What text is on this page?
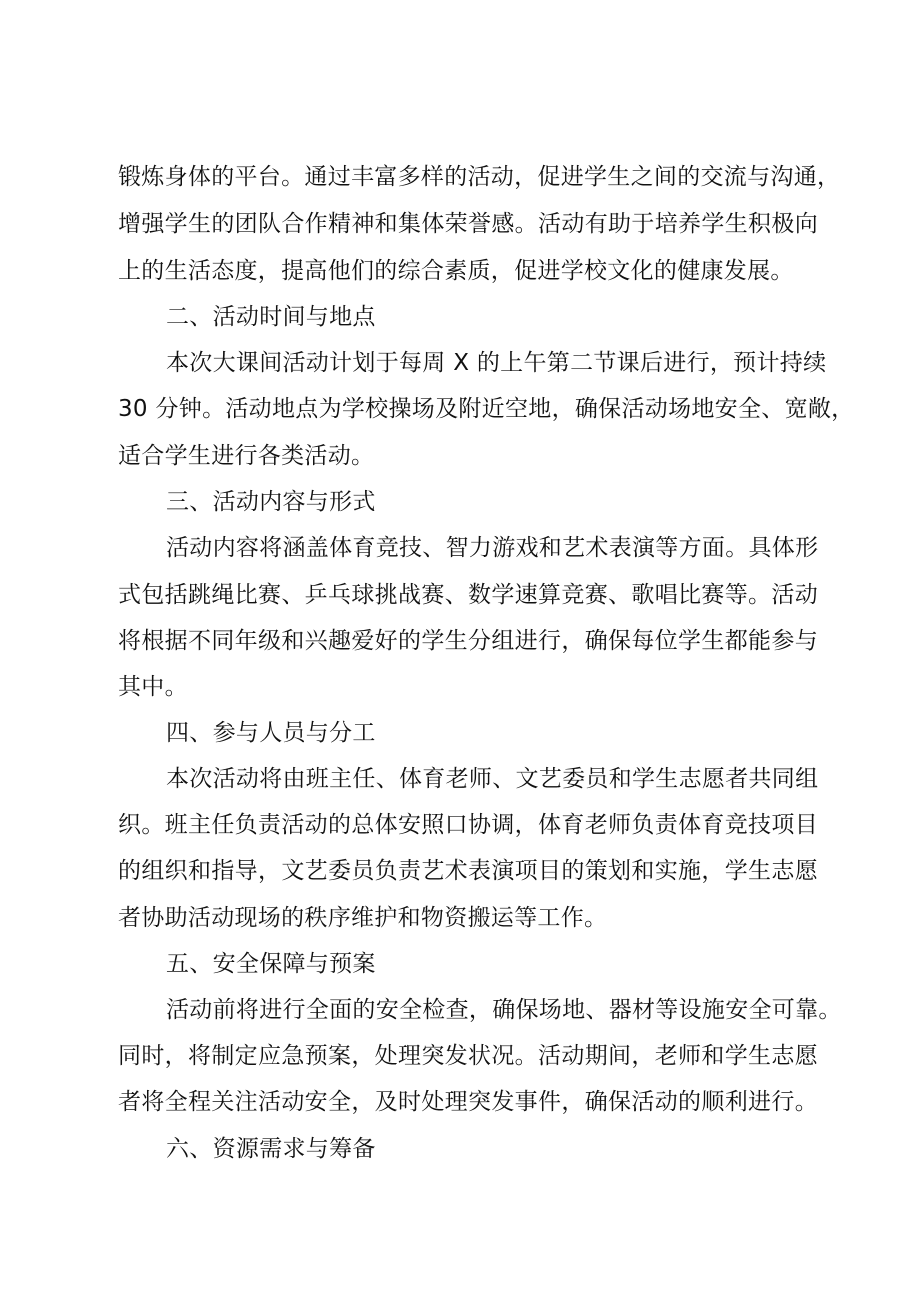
锻炼身体的平台。通过丰富多样的活动，促进学生之间的交流与沟通，
增强学生的团队合作精神和集体荣誉感。活动有助于培养学生积极向
上的生活态度，提高他们的综合素质，促进学校文化的健康发展。
二、活动时间与地点
本次大课间活动计划于每周 X 的上午第二节课后进行，预计持续
30 分钟。活动地点为学校操场及附近空地，确保活动场地安全、宽敞，
适合学生进行各类活动。
三、活动内容与形式
活动内容将涵盖体育竞技、智力游戏和艺术表演等方面。具体形
式包括跳绳比赛、乒乓球挑战赛、数学速算竞赛、歌唱比赛等。活动
将根据不同年级和兴趣爱好的学生分组进行，确保每位学生都能参与
其中。
四、参与人员与分工
本次活动将由班主任、体育老师、文艺委员和学生志愿者共同组
织。班主任负责活动的总体安照口协调，体育老师负责体育竞技项目
的组织和指导，文艺委员负责艺术表演项目的策划和实施，学生志愿
者协助活动现场的秩序维护和物资搬运等工作。
五、安全保障与预案
活动前将进行全面的安全检查，确保场地、器材等设施安全可靠。
同时，将制定应急预案，处理突发状况。活动期间，老师和学生志愿
者将全程关注活动安全，及时处理突发事件，确保活动的顺利进行。
六、资源需求与筹备
